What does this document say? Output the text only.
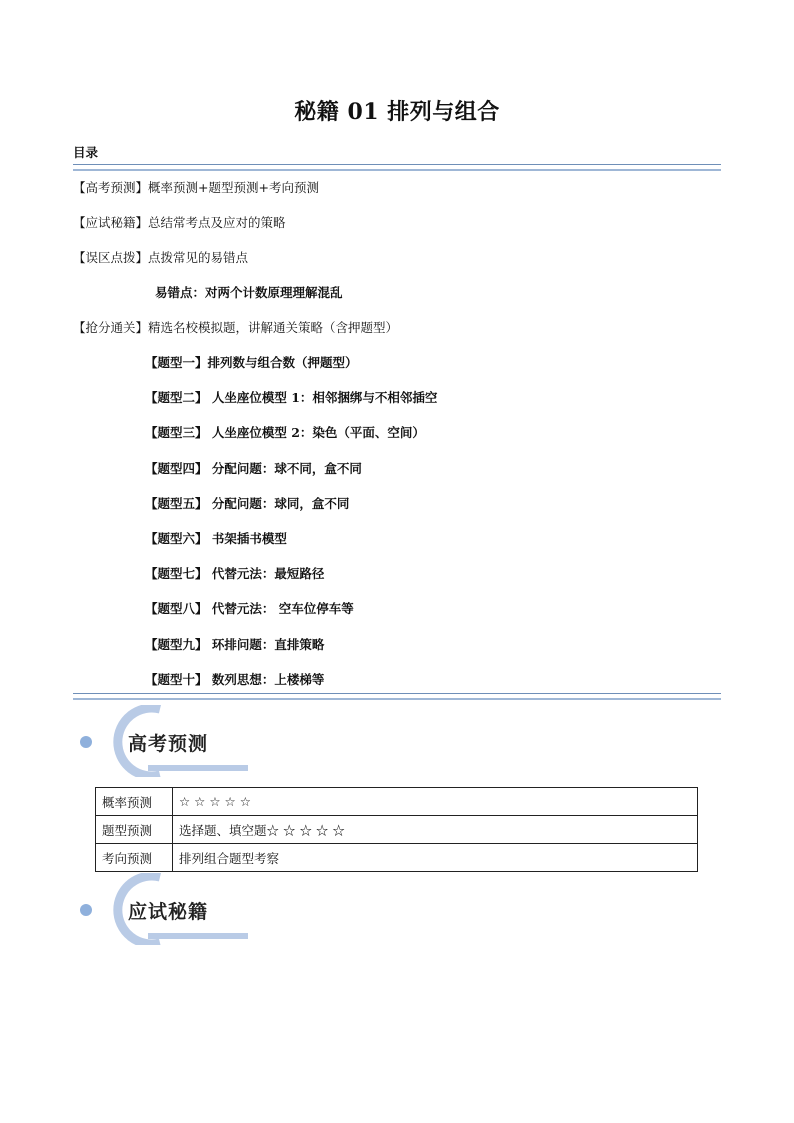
秘籍 01 排列与组合
目录
【高考预测】概率预测+题型预测+考向预测
【应试秘籍】总结常考点及应对的策略
【误区点拨】点拨常见的易错点
易错点：对两个计数原理理解混乱
【抢分通关】精选名校模拟题，讲解通关策略（含押题型）
【题型一】排列数与组合数（押题型）
【题型二】 人坐座位模型 1：相邻捆绑与不相邻插空
【题型三】 人坐座位模型 2：染色（平面、空间）
【题型四】 分配问题：球不同，盒不同
【题型五】 分配问题：球同，盒不同
【题型六】 书架插书模型
【题型七】 代替元法：最短路径
【题型八】 代替元法： 空车位停车等
【题型九】 环排问题：直排策略
【题型十】 数列思想：上楼梯等
高考预测
概率预测	☆ ☆ ☆ ☆ ☆
题型预测	选择题、填空题☆ ☆ ☆ ☆ ☆
考向预测	排列组合题型考察
应试秘籍
